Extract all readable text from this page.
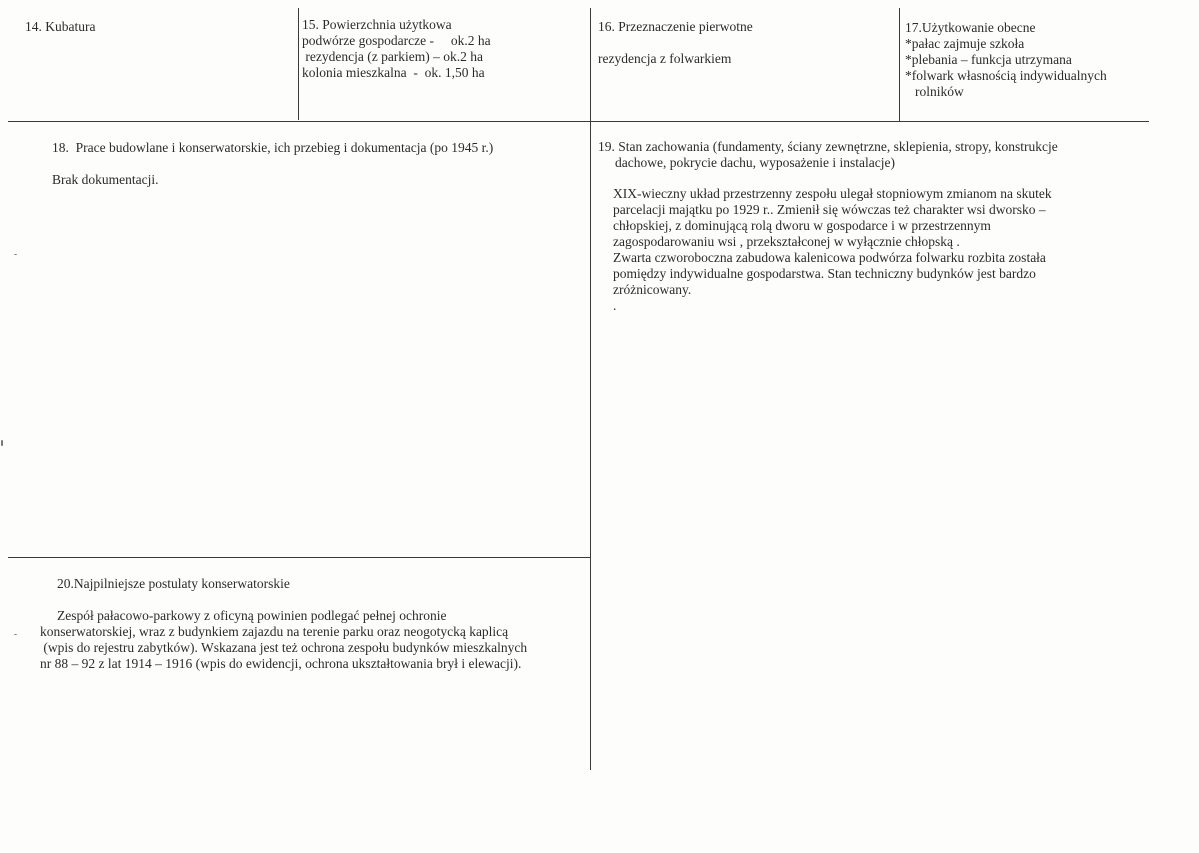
14. Kubatura	15. Powierzchnia użytkowa
podwórze gospodarcze -     ok.2 ha
rezydencja (z parkiem) – ok.2 ha
kolonia mieszkalna  -  ok. 1,50 ha
16. Przeznaczenie pierwotne
rezydencja z folwarkiem
17.Użytkowanie obecne
*pałac zajmuje szkoła
*plebania – funkcja utrzymana
*folwark własnością indywidualnych
rolników
18.  Prace budowlane i konserwatorskie, ich przebieg i dokumentacja (po 1945 r.)
Brak dokumentacji.
19. Stan zachowania (fundamenty, ściany zewnętrzne, sklepienia, stropy, konstrukcje
dachowe, pokrycie dachu, wyposażenie i instalacje)
XIX-wieczny układ przestrzenny zespołu ulegał stopniowym zmianom na skutek
parcelacji majątku po 1929 r.. Zmienił się wówczas też charakter wsi dworsko –
chłopskiej, z dominującą rolą dworu w gospodarce i w przestrzennym
zagospodarowaniu wsi , przekształconej w wyłącznie chłopską .
Zwarta czworoboczna zabudowa kalenicowa podwórza folwarku rozbita została
pomiędzy indywidualne gospodarstwa. Stan techniczny budynków jest bardzo
zróżnicowany.
.
20.Najpilniejsze postulaty konserwatorskie
Zespół pałacowo-parkowy z oficyną powinien podlegać pełnej ochronie
konserwatorskiej, wraz z budynkiem zajazdu na terenie parku oraz neogotycką kaplicą
(wpis do rejestru zabytków). Wskazana jest też ochrona zespołu budynków mieszkalnych
nr 88 – 92 z lat 1914 – 1916 (wpis do ewidencji, ochrona ukształtowania brył i elewacji).
